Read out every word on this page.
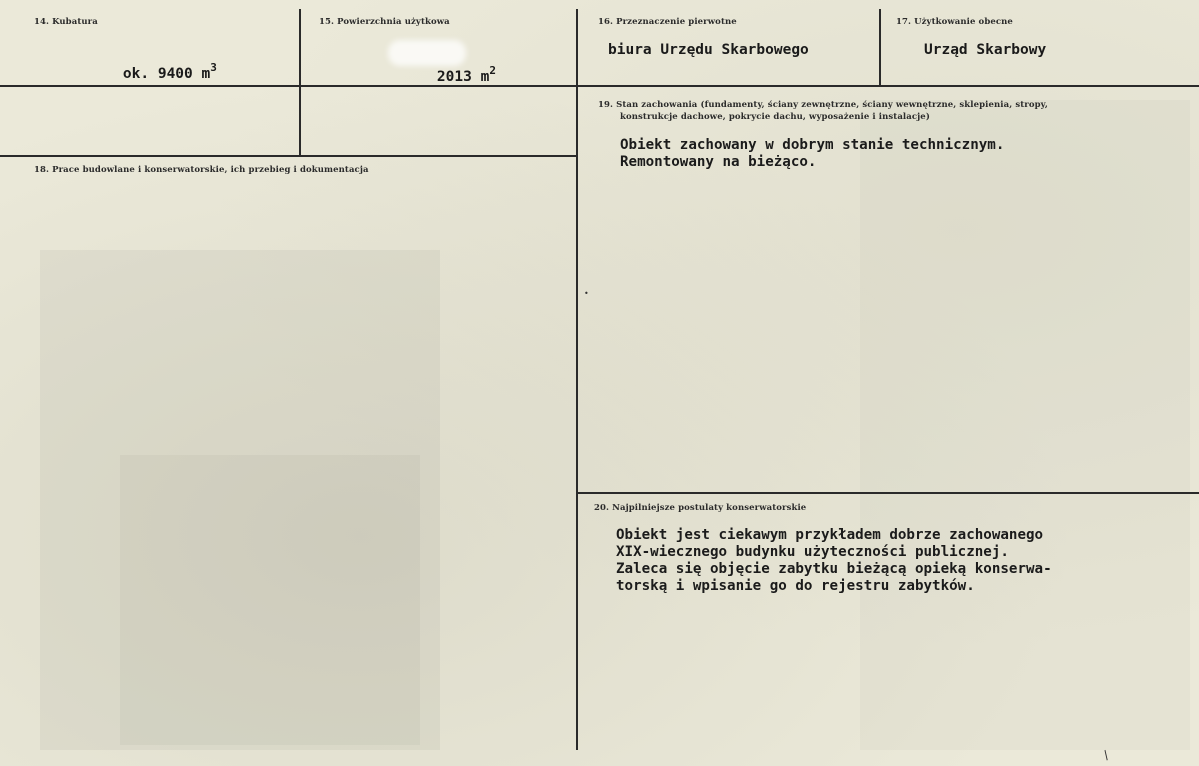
14. Kubatura

ok. 9400 $m^3$

15. Powierzchnia użytkowa

2013 $m^2$

16. Przeznaczenie pierwotne
biura Urzędu Skarbowego
17. Użytkowanie obecne
Urząd Skarbowy
18. Prace budowlane i konserwatorskie, ich przebieg i dokumentacja
19. Stan zachowania (fundamenty, ściany zewnętrzne, ściany wewnętrzne, sklepienia, stropy,
konstrukcje dachowe, pokrycie dachu, wyposażenie i instalacje)
Obiekt zachowany w dobrym stanie technicznym.
Remontowany na bieżąco.
20. Najpilniejsze postulaty konserwatorskie
Obiekt jest ciekawym przykładem dobrze zachowanego
XIX-wiecznego budynku użyteczności publicznej.
Zaleca się objęcie zabytku bieżącą opieką konserwa-
torską i wpisanie go do rejestru zabytków.
/
•
